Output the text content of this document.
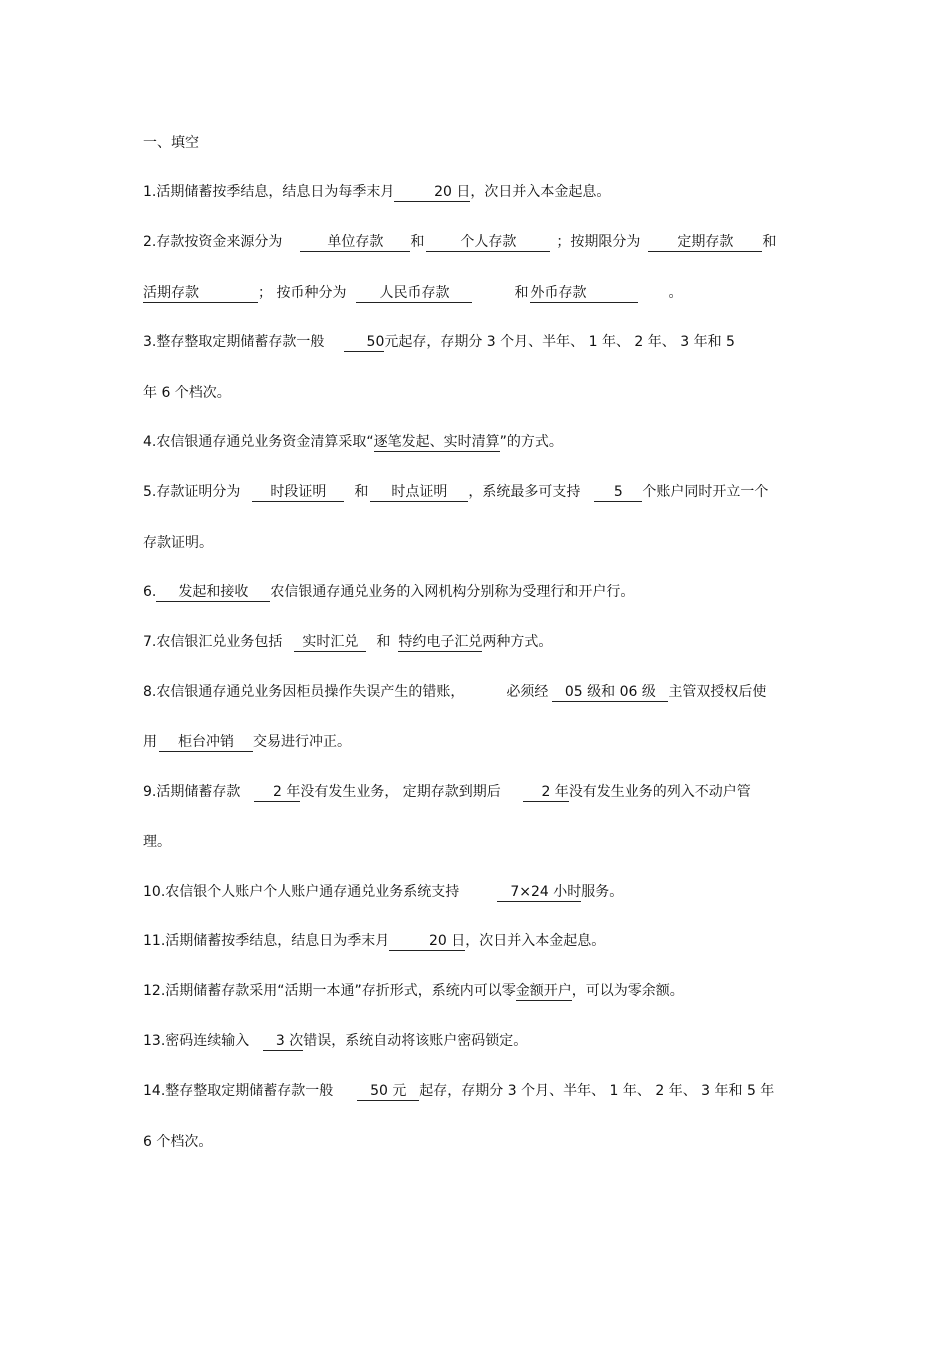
一、填空
1.活期储蓄按季结息，结息日为每季末月	20 日，次日并入本金起息。
2.存款按资金来源分为	单位存款 和	个人存款	；按期限分为	定期存款 和
活期存款	； 按币种分为 人民币存款	和 外币存款	。
3.整存整取定期储蓄存款一般	50元起存，存期分 3 个月、半年、 1 年、 2 年、 3 年和 5
年 6 个档次。
4.农信银通存通兑业务资金清算采取“逐笔发起、实时清算”的方式。
5.存款证明分为 时段证明 和 时点证明 ，系统最多可支持 5 个账户同时开立一个
存款证明。
6. 发起和接收 农信银通存通兑业务的入网机构分别称为受理行和开户行。
7.农信银汇兑业务包括 实时汇兑 和 特约电子汇兑两种方式。
8.农信银通存通兑业务因柜员操作失误产生的错账，	必须经 05 级和 06 级 主管双授权后使
用 柜台冲销 交易进行冲正。
9.活期储蓄存款 2 年没有发生业务， 定期存款到期后	2 年没有发生业务的列入不动户管
理。
10.农信银个人账户个人账户通存通兑业务系统支持	7×24 小时服务。
11.活期储蓄按季结息，结息日为季末月	20 日，次日并入本金起息。
12.活期储蓄存款采用“活期一本通”存折形式，系统内可以零金额开户，可以为零余额。
13.密码连续输入 3 次错误，系统自动将该账户密码锁定。
14.整存整取定期储蓄存款一般	50 元 起存，存期分 3 个月、半年、 1 年、 2 年、 3 年和 5 年
6 个档次。
